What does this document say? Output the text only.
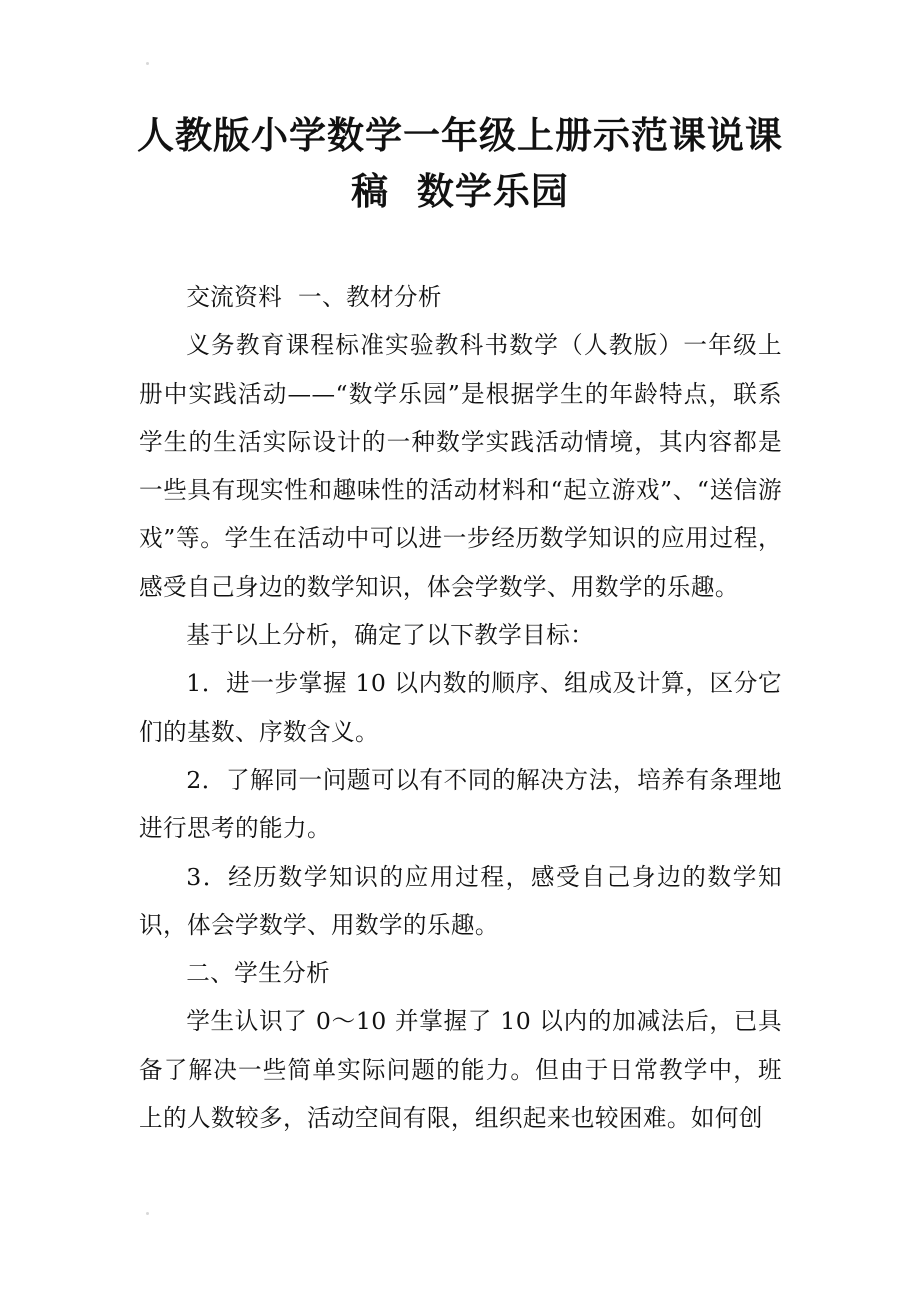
人教版小学数学一年级上册示范课说课
稿  数学乐园

交流资料  一、教材分析

义务教育课程标准实验教科书数学（人教版）一年级上册中实践活动——“数学乐园”是根据学生的年龄特点，联系学生的生活实际设计的一种数学实践活动情境，其内容都是一些具有现实性和趣味性的活动材料和“起立游戏”、“送信游戏”等。学生在活动中可以进一步经历数学知识的应用过程，感受自己身边的数学知识，体会学数学、用数学的乐趣。

基于以上分析，确定了以下教学目标：

1．进一步掌握 10 以内数的顺序、组成及计算，区分它们的基数、序数含义。

2．了解同一问题可以有不同的解决方法，培养有条理地进行思考的能力。

3．经历数学知识的应用过程，感受自己身边的数学知识，体会学数学、用数学的乐趣。

二、学生分析

学生认识了 0～10 并掌握了 10 以内的加减法后，已具备了解决一些简单实际问题的能力。但由于日常教学中，班上的人数较多，活动空间有限，组织起来也较困难。如何创
